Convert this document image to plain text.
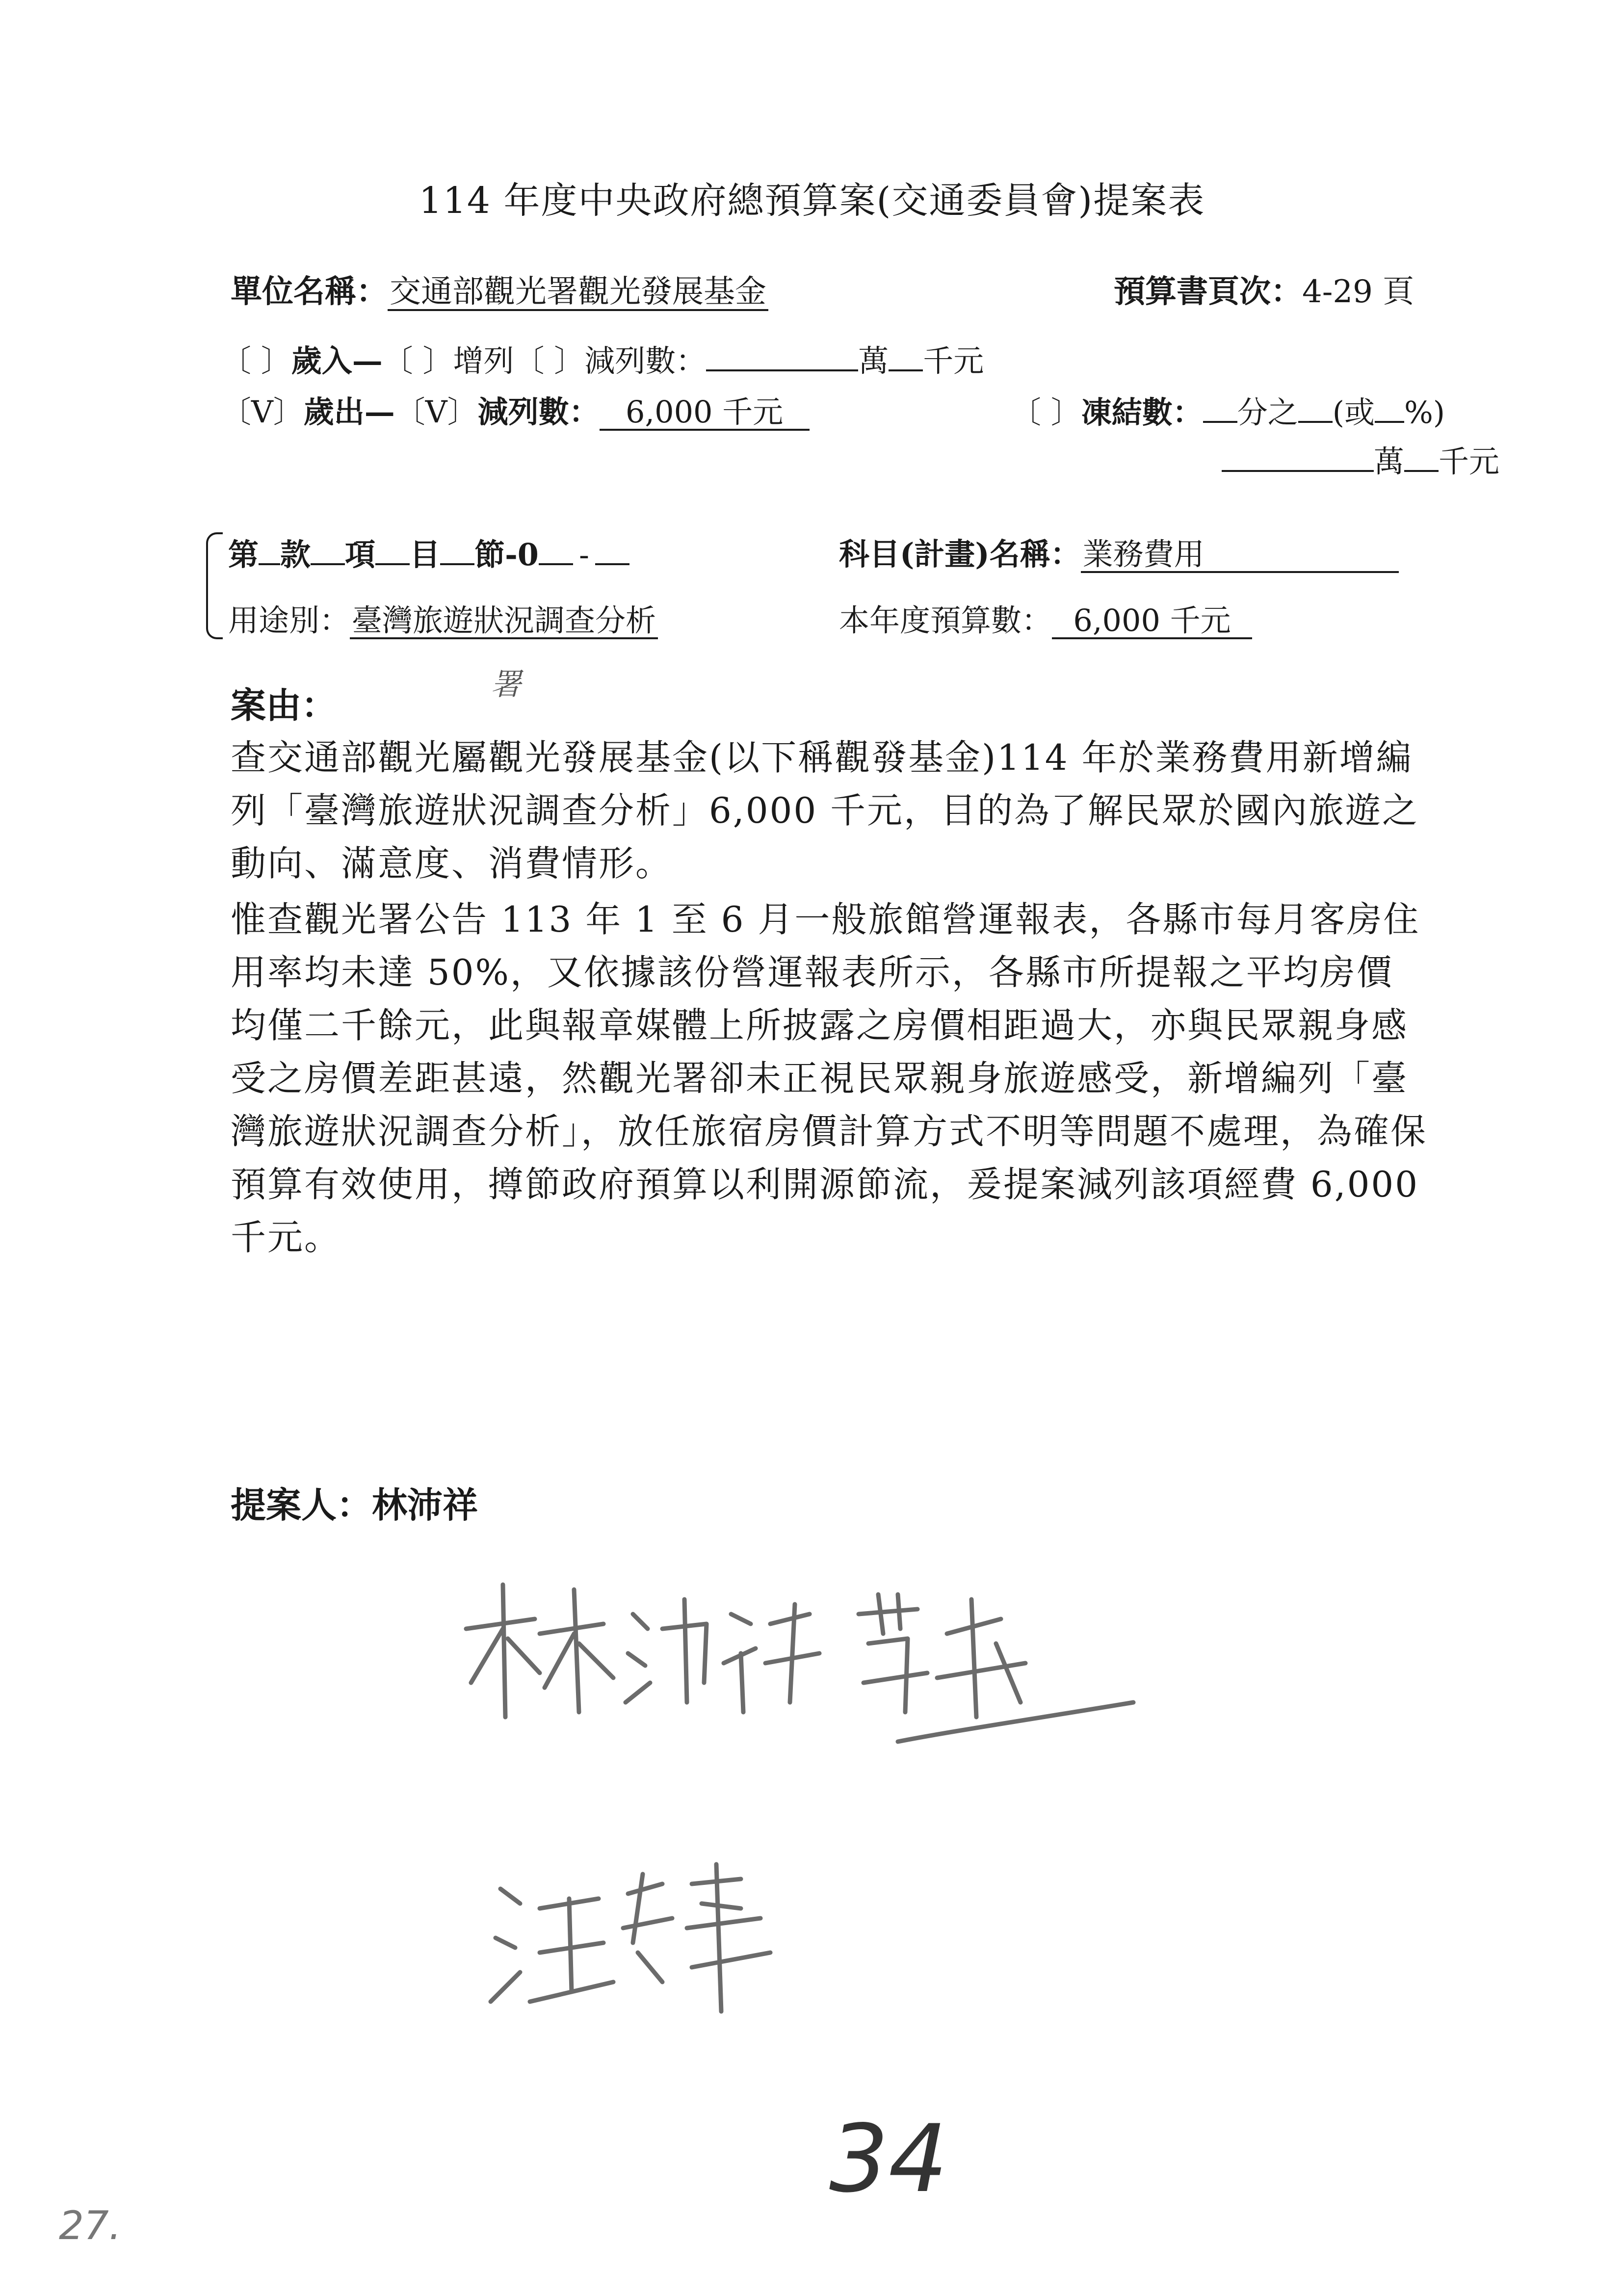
114 年度中央政府總預算案(交通委員會)提案表
單位名稱：交通部觀光署觀光發展基金	預算書頁次：4-29 頁
〔 〕歲入—〔 〕增列〔 〕減列數：	萬 千元
〔V〕歲出—〔V〕減列數： 6,000 千元	〔 〕凍結數： 分之 (或 %)
萬 千元
第 款 項 目 節-0 -	科目(計畫)名稱：業務費用
用途別：臺灣旅遊狀況調查分析	本年度預算數： 6,000 千元
案由：
署
查交通部觀光屬觀光發展基金(以下稱觀發基金)114 年於業務費用新增編列「臺灣旅遊狀況調查分析」6,000 千元，目的為了解民眾於國內旅遊之動向、滿意度、消費情形。
惟查觀光署公告 113 年 1 至 6 月一般旅館營運報表，各縣市每月客房住用率均未達 50%，又依據該份營運報表所示，各縣市所提報之平均房價均僅二千餘元，此與報章媒體上所披露之房價相距過大，亦與民眾親身感受之房價差距甚遠，然觀光署卻未正視民眾親身旅遊感受，新增編列「臺灣旅遊狀況調查分析」，放任旅宿房價計算方式不明等問題不處理，為確保預算有效使用，撙節政府預算以利開源節流，爰提案減列該項經費 6,000 千元。
提案人：林沛祥
34
27.
